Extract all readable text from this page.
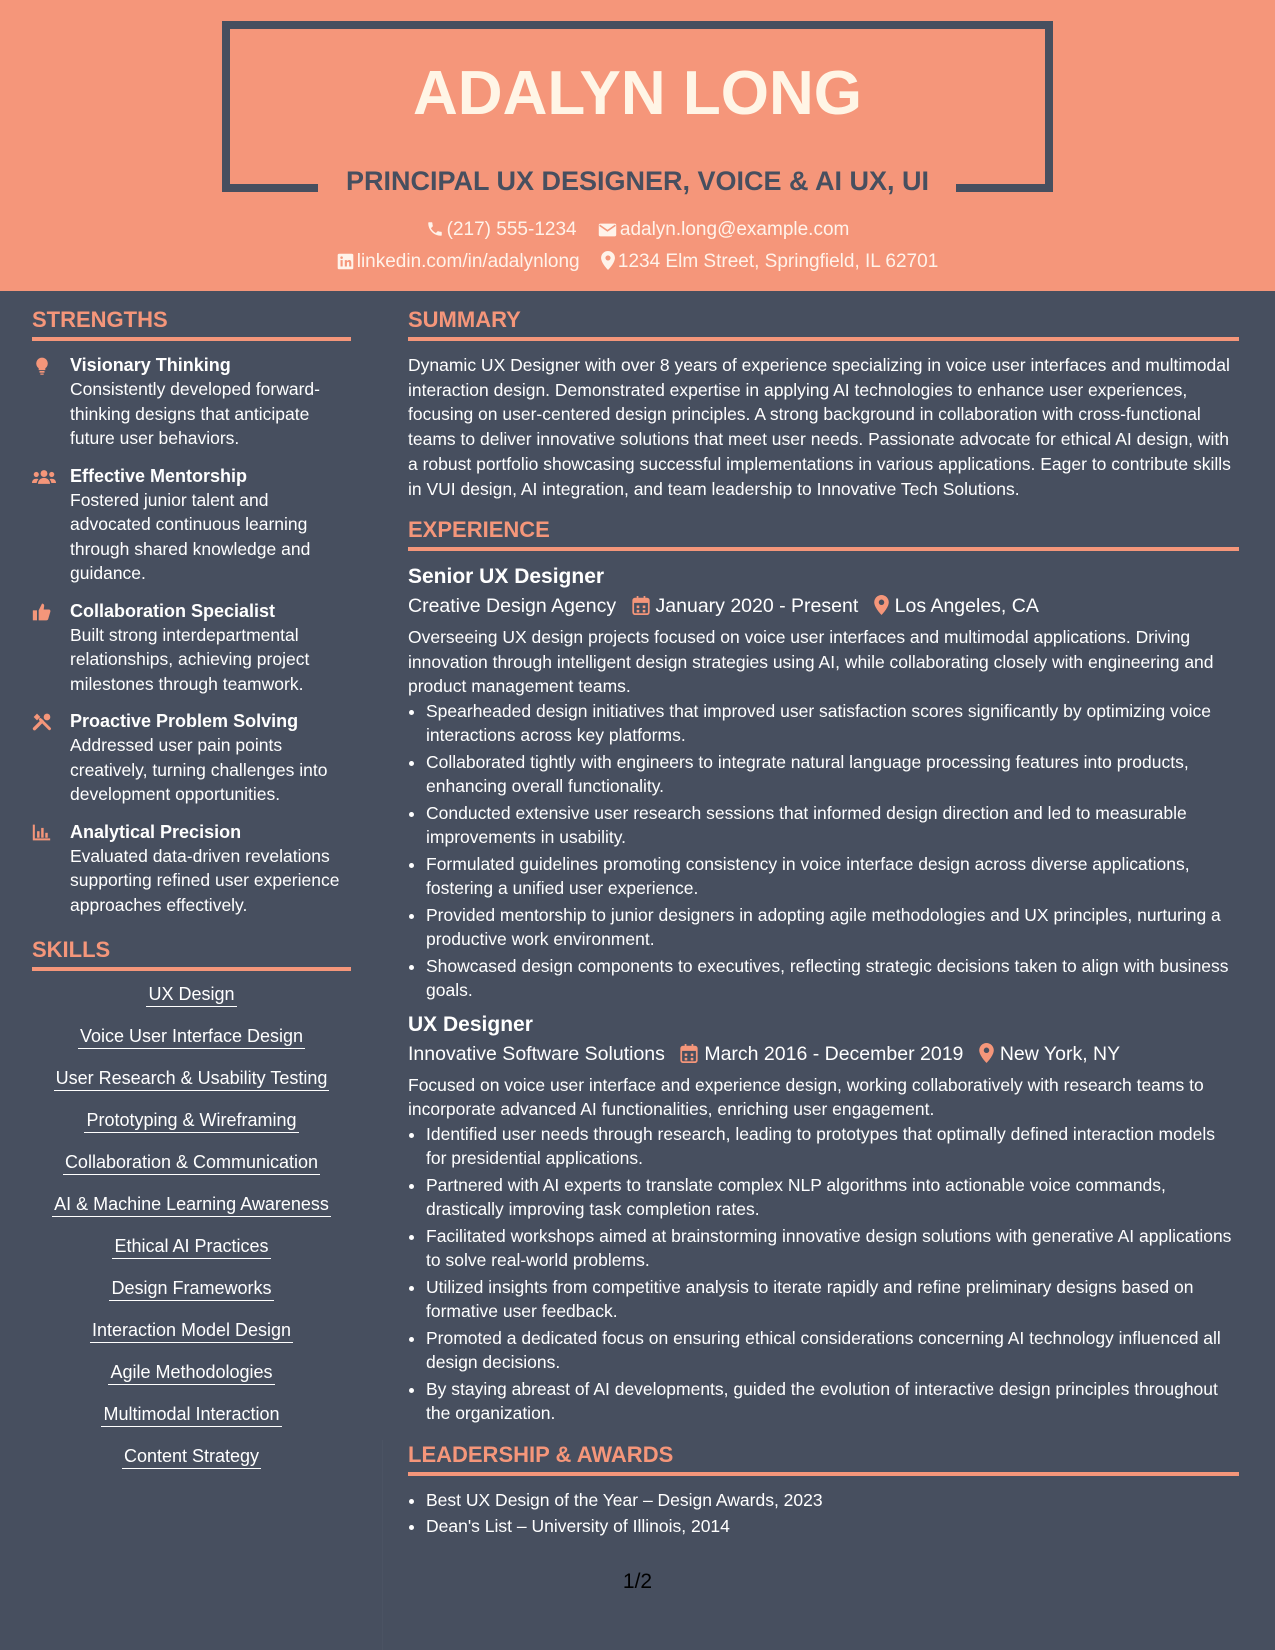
ADALYN LONG
PRINCIPAL UX DESIGNER, VOICE & AI UX, UI
(217) 555-1234 adalyn.long@example.com
linkedin.com/in/adalynlong 1234 Elm Street, Springfield, IL 62701
STRENGTHS
Visionary Thinking
Consistently developed forward-thinking designs that anticipate future user behaviors.
Effective Mentorship
Fostered junior talent and advocated continuous learning through shared knowledge and guidance.
Collaboration Specialist
Built strong interdepartmental relationships, achieving project milestones through teamwork.
Proactive Problem Solving
Addressed user pain points creatively, turning challenges into development opportunities.
Analytical Precision
Evaluated data-driven revelations supporting refined user experience approaches effectively.
SKILLS
UX Design
Voice User Interface Design
User Research & Usability Testing
Prototyping & Wireframing
Collaboration & Communication
AI & Machine Learning Awareness
Ethical AI Practices
Design Frameworks
Interaction Model Design
Agile Methodologies
Multimodal Interaction
Content Strategy
SUMMARY

Dynamic UX Designer with over 8 years of experience specializing in voice user interfaces and multimodal interaction design. Demonstrated expertise in applying AI technologies to enhance user experiences, focusing on user-centered design principles. A strong background in collaboration with cross-functional teams to deliver innovative solutions that meet user needs. Passionate advocate for ethical AI design, with a robust portfolio showcasing successful implementations in various applications. Eager to contribute skills in VUI design, AI integration, and team leadership to Innovative Tech Solutions.

EXPERIENCE
Senior UX Designer
Creative Design Agency January 2020 - Present Los Angeles, CA
Overseeing UX design projects focused on voice user interfaces and multimodal applications. Driving innovation through intelligent design strategies using AI, while collaborating closely with engineering and product management teams.
• Spearheaded design initiatives that improved user satisfaction scores significantly by optimizing voice interactions across key platforms.
• Collaborated tightly with engineers to integrate natural language processing features into products, enhancing overall functionality.
• Conducted extensive user research sessions that informed design direction and led to measurable improvements in usability.
• Formulated guidelines promoting consistency in voice interface design across diverse applications, fostering a unified user experience.
• Provided mentorship to junior designers in adopting agile methodologies and UX principles, nurturing a productive work environment.
• Showcased design components to executives, reflecting strategic decisions taken to align with business goals.
UX Designer
Innovative Software Solutions March 2016 - December 2019 New York, NY
Focused on voice user interface and experience design, working collaboratively with research teams to incorporate advanced AI functionalities, enriching user engagement.
• Identified user needs through research, leading to prototypes that optimally defined interaction models for presidential applications.
• Partnered with AI experts to translate complex NLP algorithms into actionable voice commands, drastically improving task completion rates.
• Facilitated workshops aimed at brainstorming innovative design solutions with generative AI applications to solve real-world problems.
• Utilized insights from competitive analysis to iterate rapidly and refine preliminary designs based on formative user feedback.
• Promoted a dedicated focus on ensuring ethical considerations concerning AI technology influenced all design decisions.
• By staying abreast of AI developments, guided the evolution of interactive design principles throughout the organization.
LEADERSHIP & AWARDS
• Best UX Design of the Year – Design Awards, 2023
• Dean's List – University of Illinois, 2014
1/2
